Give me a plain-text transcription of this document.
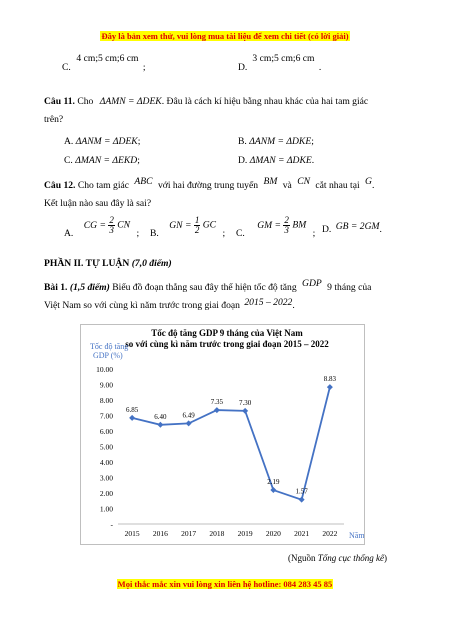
Đây là bản xem thử, vui lòng mua tài liệu để xem chi tiết (có lời giải)
C. 4 cm;5 cm;6 cm ;	D. 3 cm;5 cm;6 cm .
Câu 11. Cho ΔAMN = ΔDEK. Đâu là cách kí hiệu bằng nhau khác của hai tam giác
trên?
A. ΔANM = ΔDEK;	B. ΔANM = ΔDKE;
C. ΔMAN = ΔEKD;	D. ΔMAN = ΔDKE.
Câu 12. Cho tam giác ABC với hai đường trung tuyến BM và CN cắt nhau tại G.
Kết luận nào sau đây là sai?
A. CG = $\frac{2}{3}$ CN ; B. GN = $\frac{1}{2}$ GC ; C. GM = $\frac{2}{3}$ BM ; D. GB = 2GM.
PHẦN II. TỰ LUẬN (7,0 điểm)
Bài 1. (1,5 điểm) Biểu đồ đoạn thẳng sau đây thể hiện tốc độ tăng GDP 9 tháng của
Việt Nam so với cùng kì năm trước trong giai đoạn 2015 – 2022.
Tốc độ tăng GDP 9 tháng của Việt Nam
so với cùng kì năm trước trong giai đoạn 2015 – 2022
Tốc độ tăng
GDP (%)
Năm
-
1.00
2.00
3.00
4.00
5.00
6.00
7.00
8.00
9.00
10.00
2015 2016 2017 2018 2019 2020 2021 2022
6.85
6.40 6.49
7.35 7.30
2.19
1.57
8.83
(Nguồn Tổng cục thống kê)
Mọi thắc mắc xin vui lòng xin liên hệ hotline: 084 283 45 85
